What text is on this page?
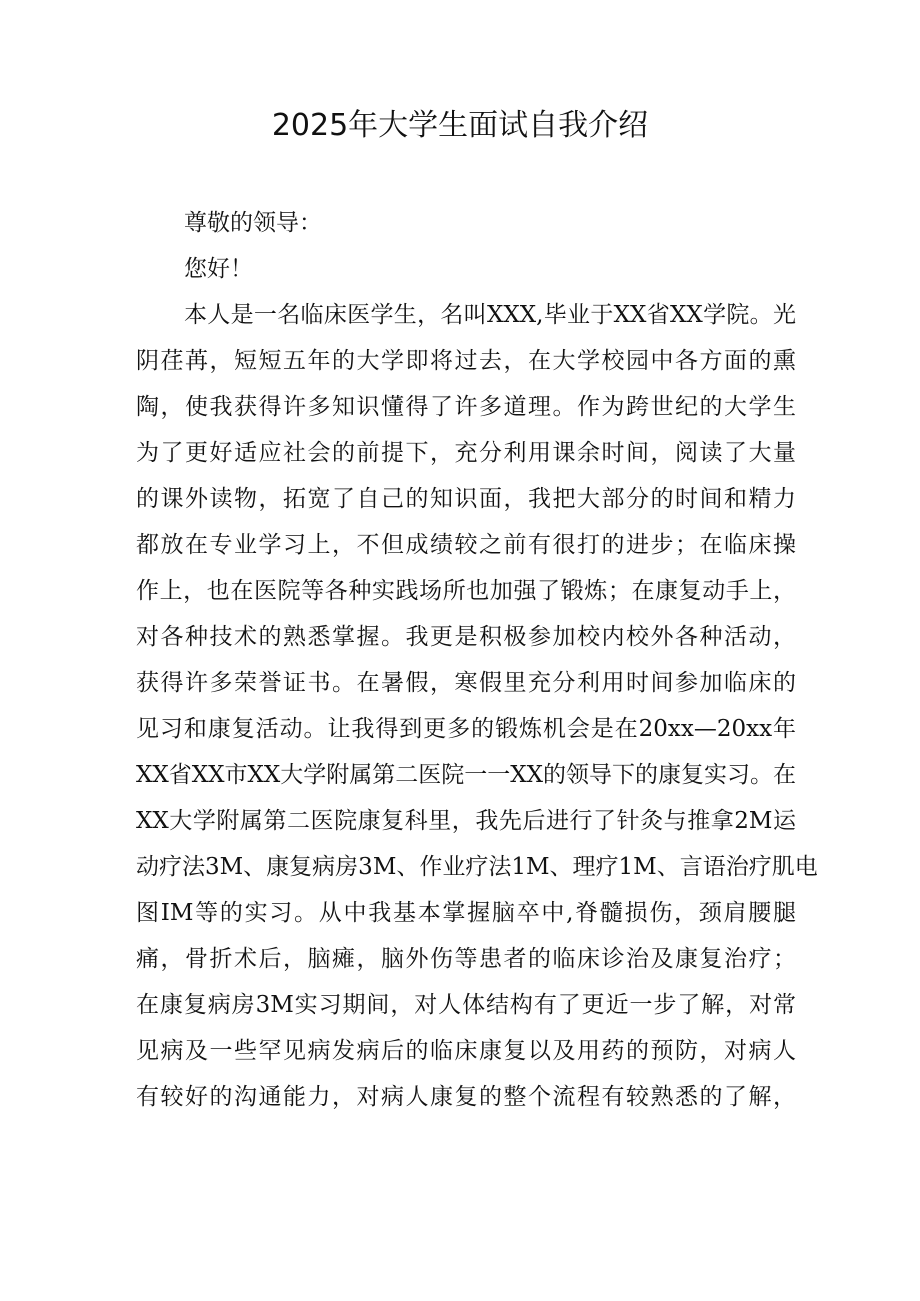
2025年大学生面试自我介绍
尊敬的领导：
您好！
本人是一名临床医学生，名叫XXX,毕业于XX省XX学院。光
阴荏苒，短短五年的大学即将过去，在大学校园中各方面的熏
陶，使我获得许多知识懂得了许多道理。作为跨世纪的大学生
为了更好适应社会的前提下，充分利用课余时间，阅读了大量
的课外读物，拓宽了自己的知识面，我把大部分的时间和精力
都放在专业学习上，不但成绩较之前有很打的进步；在临床操
作上，也在医院等各种实践场所也加强了锻炼；在康复动手上，
对各种技术的熟悉掌握。我更是积极参加校内校外各种活动，
获得许多荣誉证书。在暑假，寒假里充分利用时间参加临床的
见习和康复活动。让我得到更多的锻炼机会是在20xx—20xx年
XX省XX市XX大学附属第二医院一一XX的领导下的康复实习。在
XX大学附属第二医院康复科里，我先后进行了针灸与推拿2M运
动疗法3M、康复病房3M、作业疗法1M、理疗1M、言语治疗肌电
图IM等的实习。从中我基本掌握脑卒中,脊髓损伤，颈肩腰腿
痛，骨折术后，脑瘫，脑外伤等患者的临床诊治及康复治疗；
在康复病房3M实习期间，对人体结构有了更近一步了解，对常
见病及一些罕见病发病后的临床康复以及用药的预防，对病人
有较好的沟通能力，对病人康复的整个流程有较熟悉的了解，
